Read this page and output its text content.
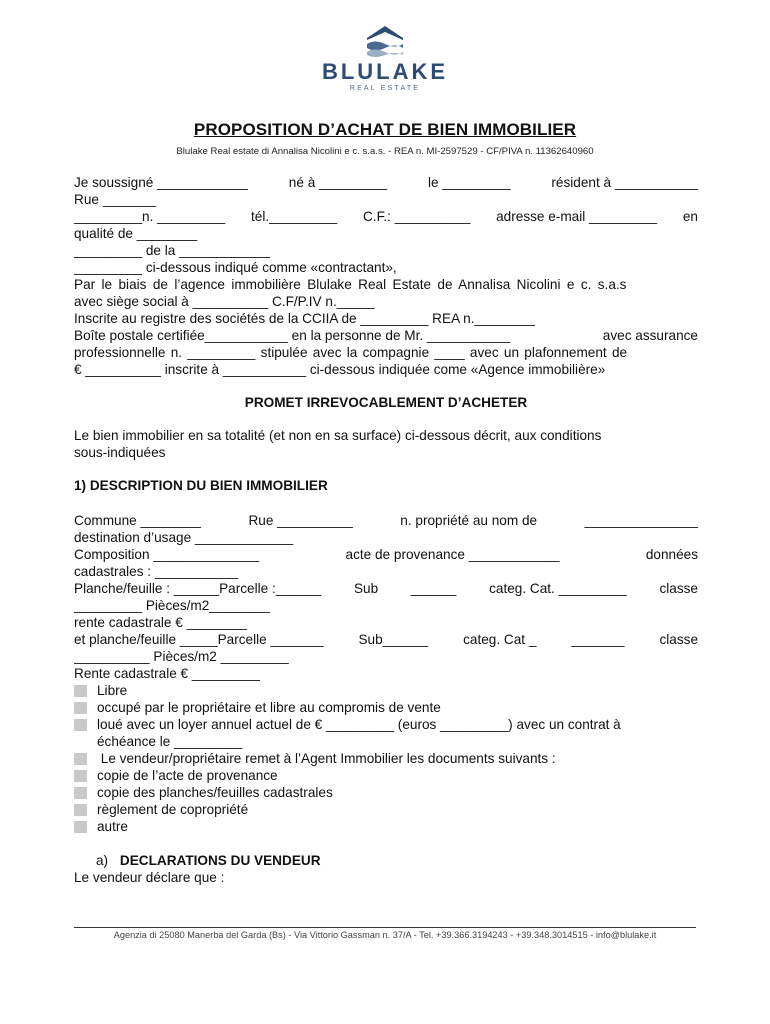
BLULAKE
REAL ESTATE
PROPOSITION D’ACHAT DE BIEN IMMOBILIER
Blulake Real estate di Annalisa Nicolini e c. s.a.s. - REA n. MI-2597529 - CF/PIVA n. 11362640960
Je soussigné ____________	né à _________	le _________	résident à ___________
Rue _______
_________n. _________ tél._________ C.F.: __________ adresse e-mail _________ en
qualité de ________
_________ de la ____________
_________ ci-dessous indiqué comme «contractant»,
Par le biais de l’agence immobilière Blulake Real Estate de Annalisa Nicolini e c. s.a.s
avec siège social à __________ C.F/P.IV n._____
Inscrite au registre des sociétés de la CCIIA de _________ REA n.________
Boîte postale certifiée___________ en la personne de Mr. ___________	avec assurance
professionnelle n. _________ stipulée avec la compagnie ____ avec un plafonnement de
€ __________ inscrite à ___________ ci-dessous indiquée come «Agence immobilière»
PROMET IRREVOCABLEMENT D’ACHETER
Le bien immobilier en sa totalité (et non en sa surface) ci-dessous décrit, aux conditions
sous-indiquées
1) DESCRIPTION DU BIEN IMMOBILIER
Commune ________	Rue __________	n. propriété au nom de	_______________
destination d’usage _____________
Composition ______________	acte de provenance ____________	données
cadastrales : ___________
Planche/feuille : ______Parcelle :______ Sub ______ categ. Cat. _________ classe
_________ Pièces/m2________
rente cadastrale € ________
et planche/feuille _____Parcelle _______	Sub______	categ. Cat _	_______	classe
__________ Pièces/m2 _________
Rente cadastrale € _________
Libre
occupé par le propriétaire et libre au compromis de vente
loué avec un loyer annuel actuel de € _________ (euros _________) avec un contrat à
échéance le _________
Le vendeur/propriétaire remet à l’Agent Immobilier les documents suivants :
copie de l’acte de provenance
copie des planches/feuilles cadastrales
règlement de copropriété
autre
a) DECLARATIONS DU VENDEUR
Le vendeur déclare que :
Agenzia di 25080 Manerba del Garda (Bs) - Via Vittorio Gassman n. 37/A - Tel. +39.366.3194243 - +39.348.3014515 - info@blulake.it
